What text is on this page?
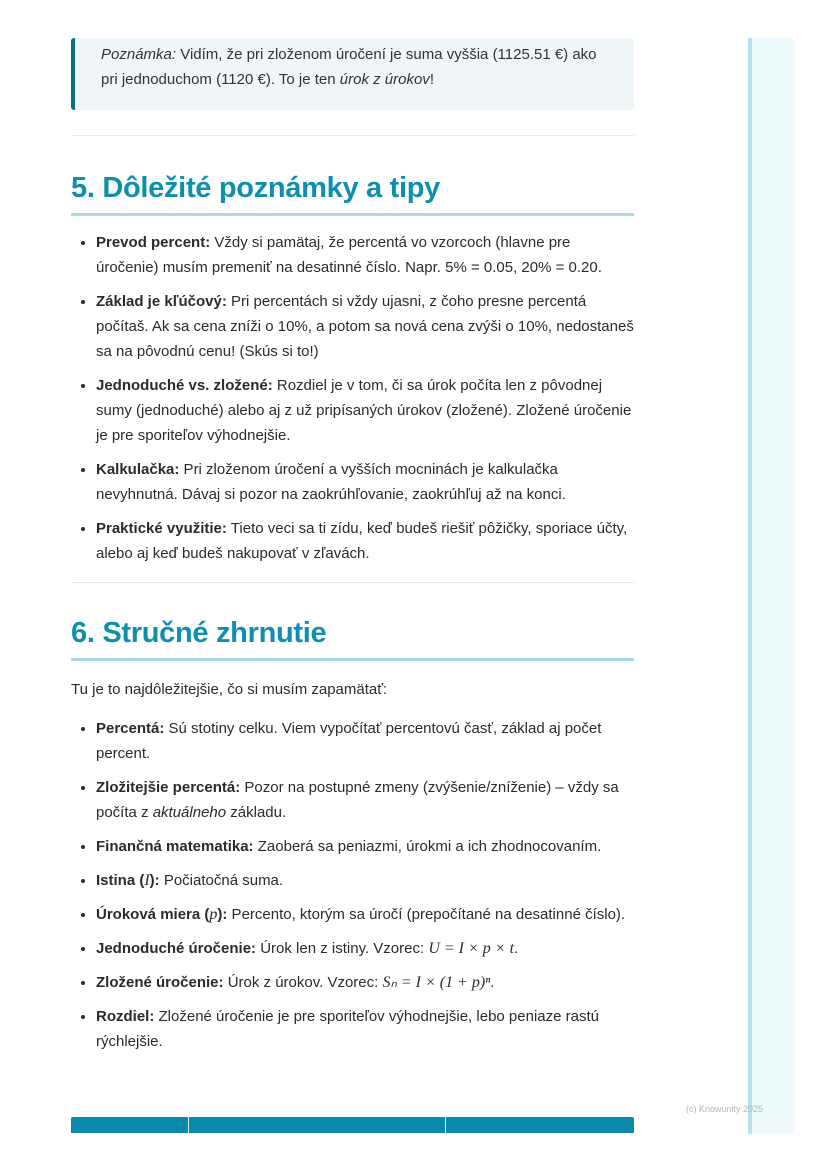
Poznámka: Vidím, že pri zloženom úročení je suma vyššia (1125.51 €) ako pri jednoduchom (1120 €). To je ten úrok z úrokov!
5. Dôležité poznámky a tipy
• Prevod percent: Vždy si pamätaj, že percentá vo vzorcoch (hlavne pre úročenie) musím premeniť na desatinné číslo. Napr. 5% = 0.05, 20% = 0.20.
• Základ je kľúčový: Pri percentách si vždy ujasni, z čoho presne percentá počítaš. Ak sa cena zníži o 10%, a potom sa nová cena zvýši o 10%, nedostaneš sa na pôvodnú cenu! (Skús si to!)
• Jednoduché vs. zložené: Rozdiel je v tom, či sa úrok počíta len z pôvodnej sumy (jednoduché) alebo aj z už pripísaných úrokov (zložené). Zložené úročenie je pre sporiteľov výhodnejšie.
• Kalkulačka: Pri zloženom úročení a vyšších mocninách je kalkulačka nevyhnutná. Dávaj si pozor na zaokrúhľovanie, zaokrúhľuj až na konci.
• Praktické využitie: Tieto veci sa ti zídu, keď budeš riešiť pôžičky, sporiace účty, alebo aj keď budeš nakupovať v zľavách.
6. Stručné zhrnutie

Tu je to najdôležitejšie, čo si musím zapamätať:

• Percentá: Sú stotiny celku. Viem vypočítať percentovú časť, základ aj počet percent.
• Zložitejšie percentá: Pozor na postupné zmeny (zvýšenie/zníženie) – vždy sa počíta z aktuálneho základu.
• Finančná matematika: Zaoberá sa peniazmi, úrokmi a ich zhodnocovaním.
• Istina (I): Počiatočná suma.
• Úroková miera (p): Percento, ktorým sa úročí (prepočítané na desatinné číslo).
• Jednoduché úročenie: Úrok len z istiny. Vzorec: U = I × p × t.
• Zložené úročenie: Úrok z úrokov. Vzorec: Sₙ = I × (1 + p)ⁿ.
• Rozdiel: Zložené úročenie je pre sporiteľov výhodnejšie, lebo peniaze rastú rýchlejšie.
(c) Knowunity 2025
